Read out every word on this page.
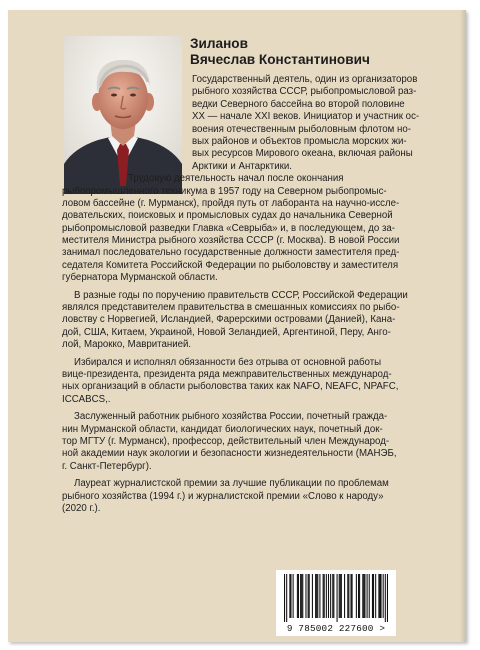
Зиланов
Вячеслав Константинович
Государственный деятель, один из организаторов
рыбного хозяйства СССР, рыбопромысловой раз-
ведки Северного бассейна во второй половине
XX — начале XXI веков. Инициатор и участник ос-
воения отечественным рыболовным флотом но-
вых районов и объектов промысла морских жи-
вых ресурсов Мирового океана, включая районы
Арктики и Антарктики.
Трудовую деятельность начал после окончания
рыбопромышленного техникума в 1957 году на Северном рыбопромыс-
ловом бассейне (г. Мурманск), пройдя путь от лаборанта на научно-иссле-
довательских, поисковых и промысловых судах до начальника Северной
рыбопромысловой разведки Главка «Севрыба» и, в последующем, до за-
местителя Министра рыбного хозяйства СССР (г. Москва). В новой России
занимал последовательно государственные должности заместителя пред-
седателя Комитета Российской Федерации по рыболовству и заместителя
губернатора Мурманской области.
В разные годы по поручению правительств СССР, Российской Федерации
являлся представителем правительства в смешанных комиссиях по рыбо-
ловству с Норвегией, Исландией, Фарерскими островами (Данией), Кана-
дой, США, Китаем, Украиной, Новой Зеландией, Аргентиной, Перу, Анго-
лой, Марокко, Мавританией.
Избирался и исполнял обязанности без отрыва от основной работы
вице-президента, президента ряда межправительственных международ-
ных организаций в области рыболовства таких как NAFO, NEAFC, NPAFC,
ICCABCS,.
Заслуженный работник рыбного хозяйства России, почетный гражда-
нин Мурманской области, кандидат биологических наук, почетный док-
тор МГТУ (г. Мурманск), профессор, действительный член Международ-
ной академии наук экологии и безопасности жизнедеятельности (МАНЭБ,
г. Санкт-Петербург).
Лауреат журналистской премии за лучшие публикации по проблемам
рыбного хозяйства (1994 г.) и журналистской премии «Слово к народу»
(2020 г.).
9 785002 227600 >
